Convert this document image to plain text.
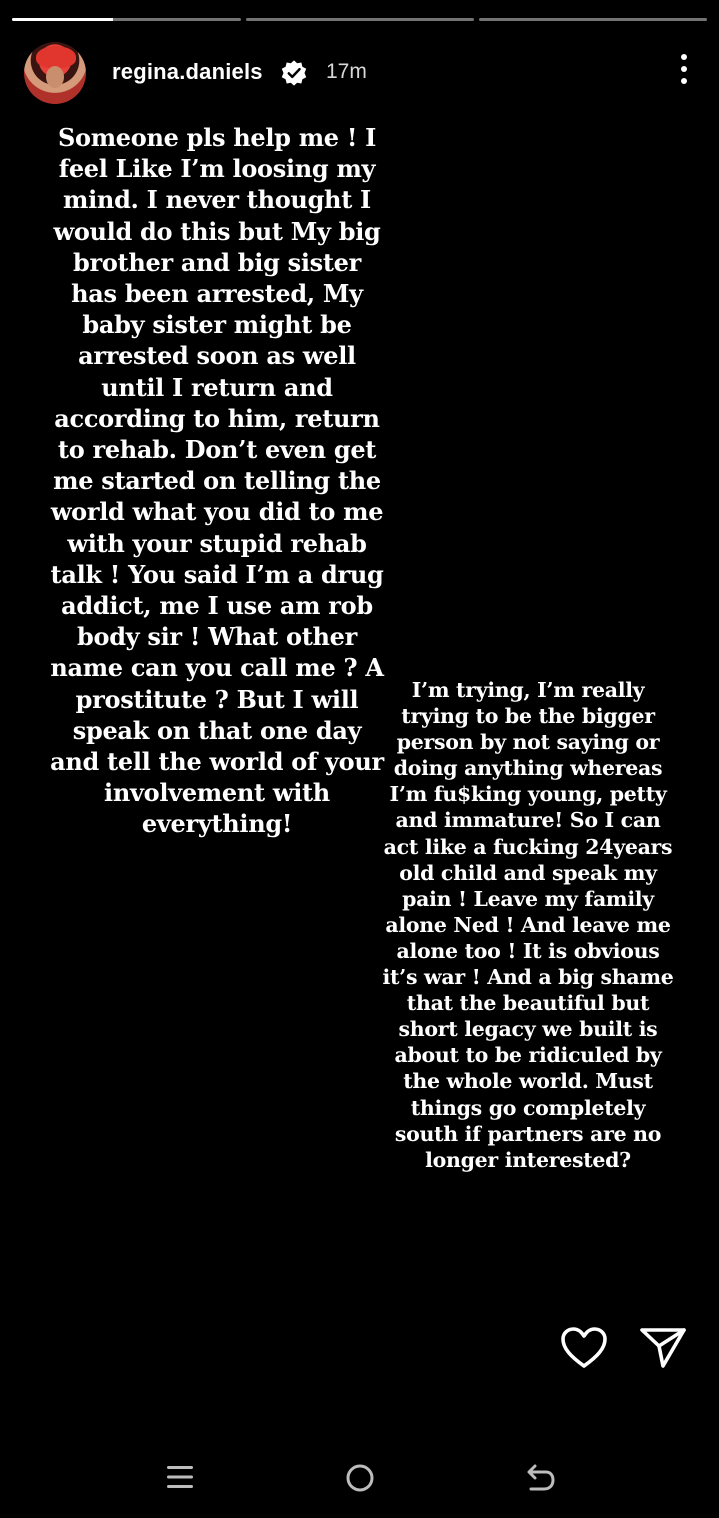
regina.daniels	17m
Someone pls help me ! I feel Like I’m loosing my mind. I never thought I would do this but My big brother and big sister has been arrested, My baby sister might be arrested soon as well until I return and according to him, return to rehab. Don’t even get me started on telling the world what you did to me with your stupid rehab talk ! You said I’m a drug addict, me I use am rob body sir ! What other name can you call me ? A prostitute ? But I will speak on that one day and tell the world of your involvement with everything!
I’m trying, I’m really trying to be the bigger person by not saying or doing anything whereas I’m fu$king young, petty and immature! So I can act like a fucking 24years old child and speak my pain ! Leave my family alone Ned ! And leave me alone too ! It is obvious it’s war ! And a big shame that the beautiful but short legacy we built is about to be ridiculed by the whole world. Must things go completely south if partners are no longer interested?
